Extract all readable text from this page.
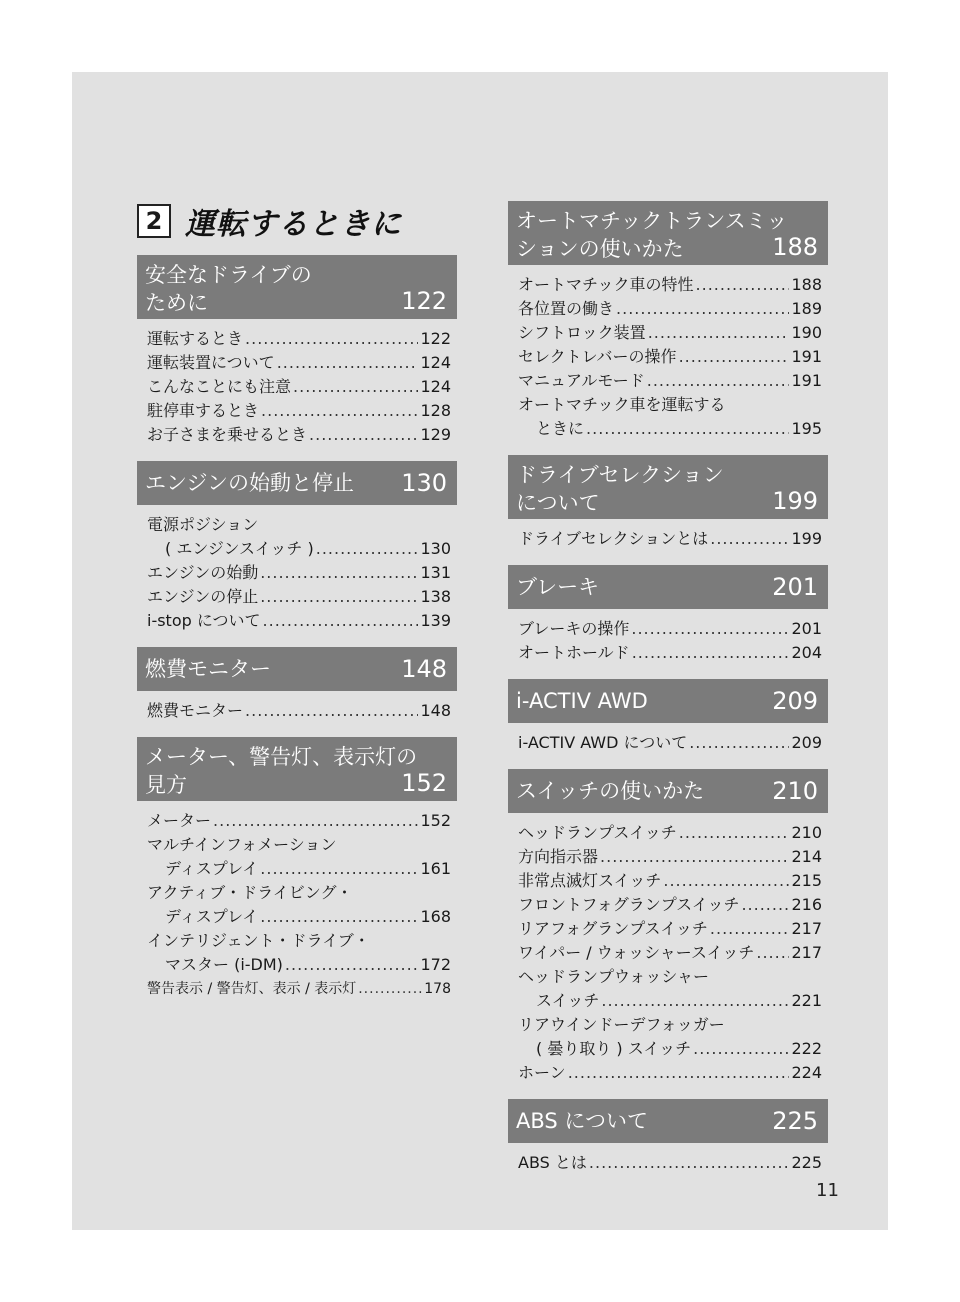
2 運転するときに
安全なドライブの
ために	122
運転するとき .....	122
運転装置について .....	124
こんなことにも注意 .....	124
駐停車するとき .....	128
お子さまを乗せるとき .....	129
エンジンの始動と停止 130
電源ポジション
( エンジンスイッチ ) .....	130
エンジンの始動 .....	131
エンジンの停止 .....	138
i-stop について .....	139
燃費モニター	148
燃費モニター .....	148
メーター、警告灯、表示灯の
見方	152
メーター .....	152
マルチインフォメーション
ディスプレイ .....	161
アクティブ・ドライビング・
ディスプレイ .....	168
インテリジェント・ドライブ・
マスター (i-DM) .....	172
警告表示 / 警告灯、表示 / 表示灯 .....	178
オートマチックトランスミッ
ションの使いかた	188
オートマチック車の特性 .....	188
各位置の働き .....	189
シフトロック装置 .....	190
セレクトレバーの操作 .....	191
マニュアルモード .....	191
オートマチック車を運転する
ときに .....	195
ドライブセレクション
について	199
ドライブセレクションとは .....	199
ブレーキ	201
ブレーキの操作 .....	201
オートホールド .....	204
i-ACTIV AWD	209
i-ACTIV AWD について .....	209
スイッチの使いかた	210
ヘッドランプスイッチ .....	210
方向指示器 .....	214
非常点滅灯スイッチ .....	215
フロントフォグランプスイッチ .....	216
リアフォグランプスイッチ .....	217
ワイパー / ウォッシャースイッチ ..... 217
ヘッドランプウォッシャー
スイッチ .....	221
リアウインドーデフォッガー
( 曇り取り ) スイッチ .....	222
ホーン .....	224
ABS について	225
ABS とは .....	225
11
